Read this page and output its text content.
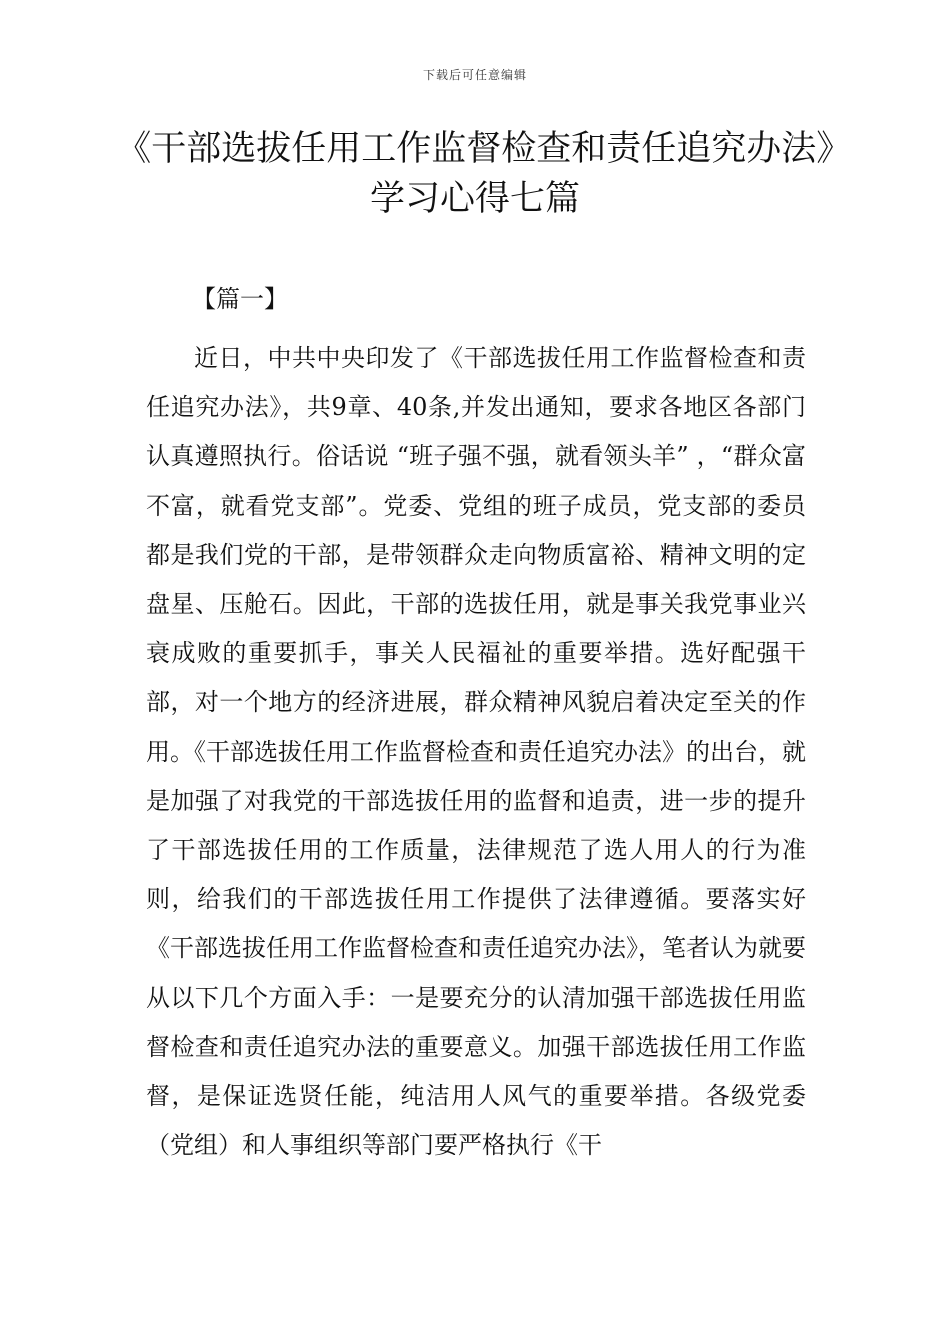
下载后可任意编辑
《干部选拔任用工作监督检查和责任追究办法》学习心得七篇
【篇一】

近日，中共中央印发了《干部选拔任用工作监督检查和责任追究办法》，共9章、40条,并发出通知，要求各地区各部门认真遵照执行。俗话说 “班子强不强，就看领头羊” ，“群众富不富，就看党支部”。党委、党组的班子成员，党支部的委员都是我们党的干部，是带领群众走向物质富裕、精神文明的定盘星、压舱石。因此，干部的选拔任用，就是事关我党事业兴衰成败的重要抓手，事关人民福祉的重要举措。选好配强干部，对一个地方的经济进展，群众精神风貌启着决定至关的作用。《干部选拔任用工作监督检查和责任追究办法》的出台，就是加强了对我党的干部选拔任用的监督和追责，进一步的提升了干部选拔任用的工作质量，法律规范了选人用人的行为准则，给我们的干部选拔任用工作提供了法律遵循。要落实好《干部选拔任用工作监督检查和责任追究办法》，笔者认为就要从以下几个方面入手：一是要充分的认清加强干部选拔任用监督检查和责任追究办法的重要意义。加强干部选拔任用工作监督，是保证选贤任能，纯洁用人风气的重要举措。各级党委（党组）和人事组织等部门要严格执行《干
